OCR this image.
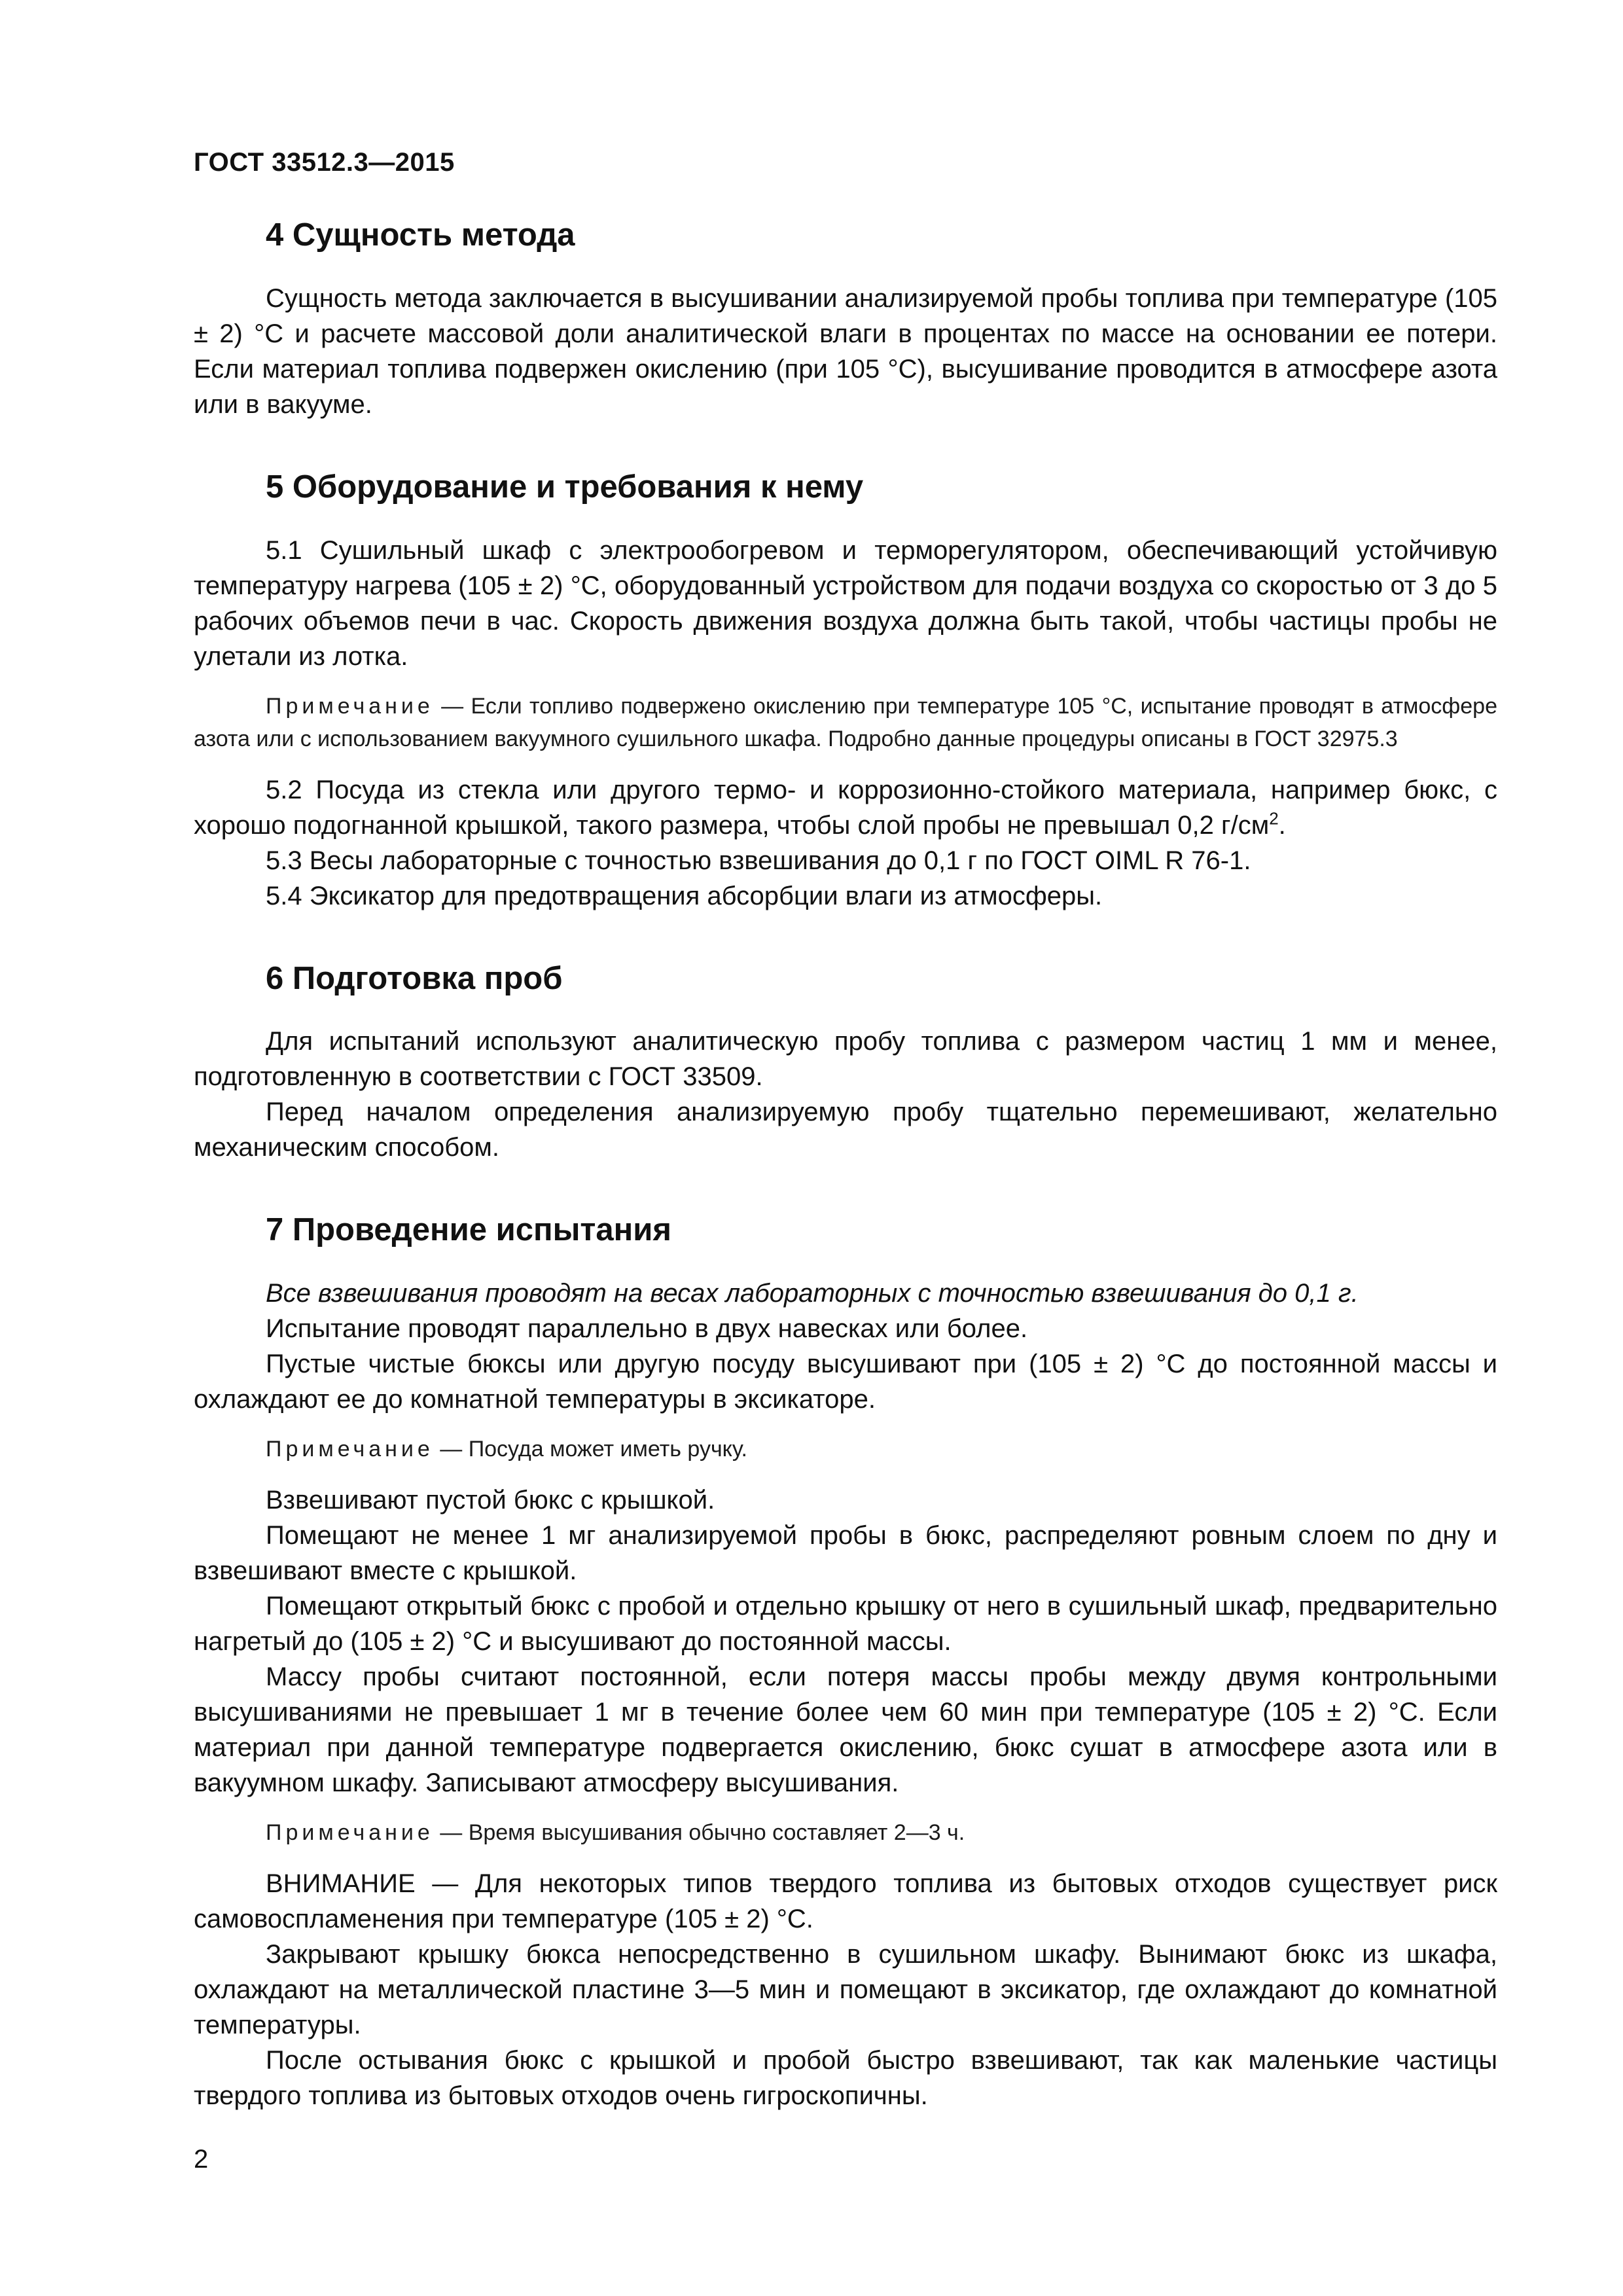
ГОСТ 33512.3—2015
4 Сущность метода

Сущность метода заключается в высушивании анализируемой пробы топлива при температуре (105 ± 2) °С и расчете массовой доли аналитической влаги в процентах по массе на основании ее потери. Если материал топлива подвержен окислению (при 105 °С), высушивание проводится в атмосфере азота или в вакууме.

5 Оборудование и требования к нему

5.1 Сушильный шкаф с электрообогревом и терморегулятором, обеспечивающий устойчивую температуру нагрева (105 ± 2) °С, оборудованный устройством для подачи воздуха со скоростью от 3 до 5 рабочих объемов печи в час. Скорость движения воздуха должна быть такой, чтобы частицы пробы не улетали из лотка.

Примечание — Если топливо подвержено окислению при температуре 105 °С, испытание проводят в атмосфере азота или с использованием вакуумного сушильного шкафа. Подробно данные процедуры описаны в ГОСТ 32975.3

5.2 Посуда из стекла или другого термо- и коррозионно-стойкого материала, например бюкс, с хорошо подогнанной крышкой, такого размера, чтобы слой пробы не превышал 0,2 $г/см^2$.

5.3 Весы лабораторные с точностью взвешивания до 0,1 г по ГОСТ OIML R 76-1.

5.4 Эксикатор для предотвращения абсорбции влаги из атмосферы.

6 Подготовка проб

Для испытаний используют аналитическую пробу топлива с размером частиц 1 мм и менее, подготовленную в соответствии с ГОСТ 33509.

Перед началом определения анализируемую пробу тщательно перемешивают, желательно механическим способом.

7 Проведение испытания

Все взвешивания проводят на весах лабораторных с точностью взвешивания до 0,1 г.

Испытание проводят параллельно в двух навесках или более.

Пустые чистые бюксы или другую посуду высушивают при (105 ± 2) °С до постоянной массы и охлаждают ее до комнатной температуры в эксикаторе.

Примечание — Посуда может иметь ручку.

Взвешивают пустой бюкс с крышкой.

Помещают не менее 1 мг анализируемой пробы в бюкс, распределяют ровным слоем по дну и взвешивают вместе с крышкой.

Помещают открытый бюкс с пробой и отдельно крышку от него в сушильный шкаф, предварительно нагретый до (105 ± 2) °С и высушивают до постоянной массы.

Массу пробы считают постоянной, если потеря массы пробы между двумя контрольными высушиваниями не превышает 1 мг в течение более чем 60 мин при температуре (105 ± 2) °С. Если материал при данной температуре подвергается окислению, бюкс сушат в атмосфере азота или в вакуумном шкафу. Записывают атмосферу высушивания.

Примечание — Время высушивания обычно составляет 2—3 ч.

ВНИМАНИЕ — Для некоторых типов твердого топлива из бытовых отходов существует риск самовоспламенения при температуре (105 ± 2) °С.

Закрывают крышку бюкса непосредственно в сушильном шкафу. Вынимают бюкс из шкафа, охлаждают на металлической пластине 3—5 мин и помещают в эксикатор, где охлаждают до комнатной температуры.

После остывания бюкс с крышкой и пробой быстро взвешивают, так как маленькие частицы твердого топлива из бытовых отходов очень гигроскопичны.

2
